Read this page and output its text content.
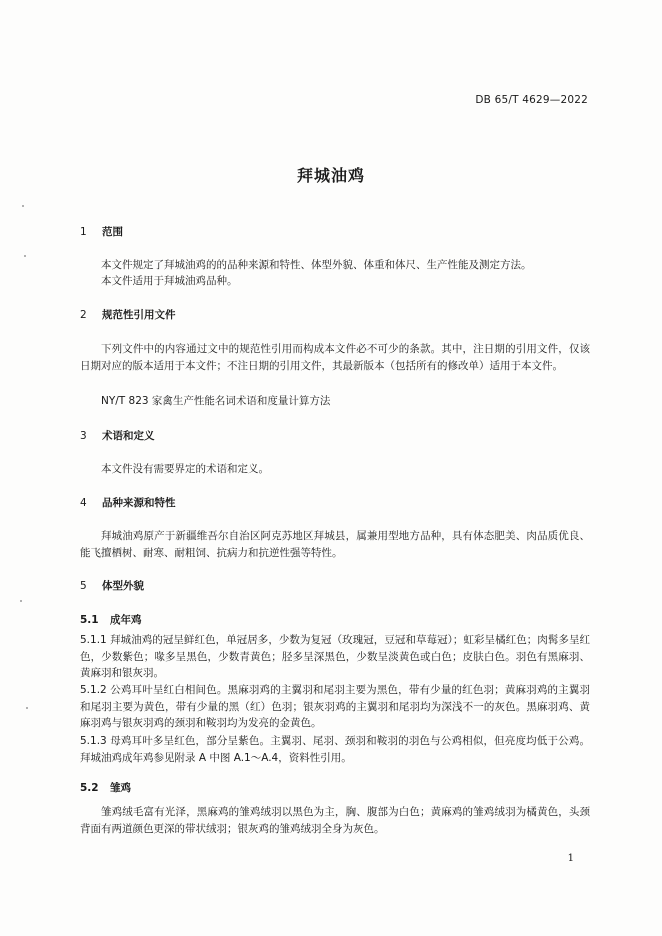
DB 65/T 4629—2022
拜城油鸡
1 范围
本文件规定了拜城油鸡的的品种来源和特性、体型外貌、体重和体尺、生产性能及测定方法。
本文件适用于拜城油鸡品种。
2 规范性引用文件
下列文件中的内容通过文中的规范性引用而构成本文件必不可少的条款。其中，注日期的引用文件，仅该日期对应的版本适用于本文件；不注日期的引用文件，其最新版本（包括所有的修改单）适用于本文件。
NY/T 823 家禽生产性能名词术语和度量计算方法
3 术语和定义
本文件没有需要界定的术语和定义。
4 品种来源和特性
拜城油鸡原产于新疆维吾尔自治区阿克苏地区拜城县，属兼用型地方品种，具有体态肥美、肉品质优良、能飞擅栖树、耐寒、耐粗饲、抗病力和抗逆性强等特性。
5 体型外貌
5.1 成年鸡
5.1.1 拜城油鸡的冠呈鲜红色，单冠居多，少数为复冠（玫瑰冠，豆冠和草莓冠）；虹彩呈橘红色；肉髯多呈红色，少数紫色；喙多呈黑色，少数青黄色；胫多呈深黑色，少数呈淡黄色或白色；皮肤白色。羽色有黑麻羽、黄麻羽和银灰羽。
5.1.2 公鸡耳叶呈红白相间色。黑麻羽鸡的主翼羽和尾羽主要为黑色，带有少量的红色羽；黄麻羽鸡的主翼羽和尾羽主要为黄色，带有少量的黑（红）色羽；银灰羽鸡的主翼羽和尾羽均为深浅不一的灰色。黑麻羽鸡、黄麻羽鸡与银灰羽鸡的颈羽和鞍羽均为发亮的金黄色。
5.1.3 母鸡耳叶多呈红色，部分呈紫色。主翼羽、尾羽、颈羽和鞍羽的羽色与公鸡相似，但亮度均低于公鸡。拜城油鸡成年鸡参见附录 A 中图 A.1～A.4，资料性引用。
5.2 雏鸡
雏鸡绒毛富有光泽，黑麻鸡的雏鸡绒羽以黑色为主，胸、腹部为白色；黄麻鸡的雏鸡绒羽为橘黄色，头颈背面有两道颜色更深的带状绒羽；银灰鸡的雏鸡绒羽全身为灰色。
1
